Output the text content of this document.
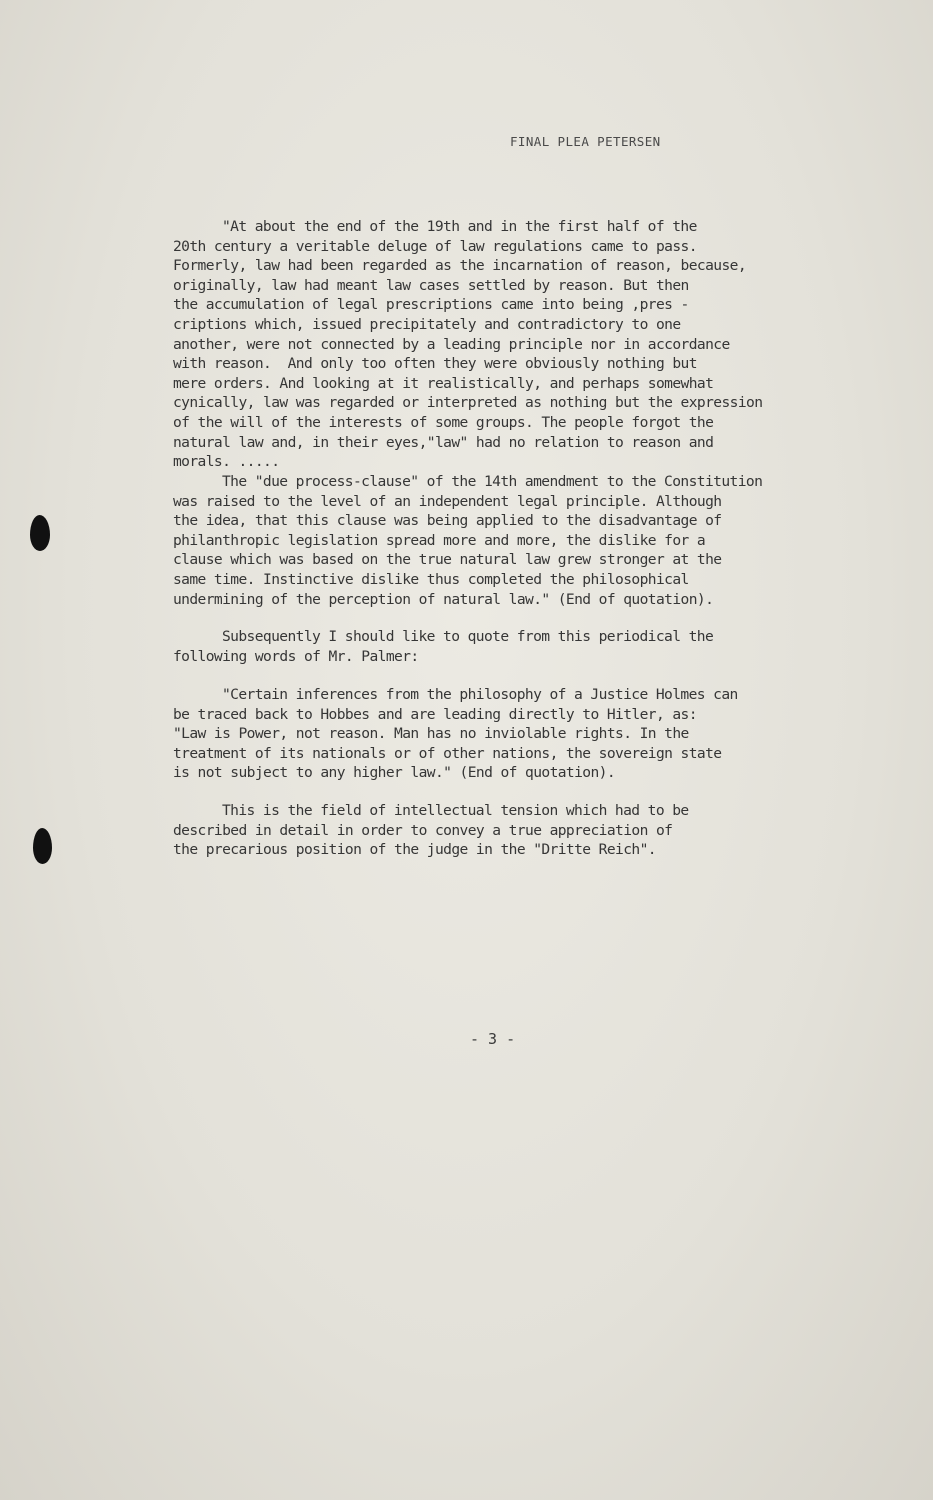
FINAL PLEA PETERSEN
"At about the end of the 19th and in the first half of the
20th century a veritable deluge of law regulations came to pass.
Formerly, law had been regarded as the incarnation of reason, because,
originally, law had meant law cases settled by reason. But then
the accumulation of legal prescriptions came into being ,pres -
criptions which, issued precipitately and contradictory to one
another, were not connected by a leading principle nor in accordance
with reason.  And only too often they were obviously nothing but
mere orders. And looking at it realistically, and perhaps somewhat
cynically, law was regarded or interpreted as nothing but the expression
of the will of the interests of some groups. The people forgot the
natural law and, in their eyes,"law" had no relation to reason and
morals. .....
The "due process-clause" of the 14th amendment to the Constitution
was raised to the level of an independent legal principle. Although
the idea, that this clause was being applied to the disadvantage of
philanthropic legislation spread more and more, the dislike for a
clause which was based on the true natural law grew stronger at the
same time. Instinctive dislike thus completed the philosophical
undermining of the perception of natural law." (End of quotation).
Subsequently I should like to quote from this periodical the
following words of Mr. Palmer:
"Certain inferences from the philosophy of a Justice Holmes can
be traced back to Hobbes and are leading directly to Hitler, as:
"Law is Power, not reason. Man has no inviolable rights. In the
treatment of its nationals or of other nations, the sovereign state
is not subject to any higher law." (End of quotation).
This is the field of intellectual tension which had to be
described in detail in order to convey a true appreciation of
the precarious position of the judge in the "Dritte Reich".
- 3 -
